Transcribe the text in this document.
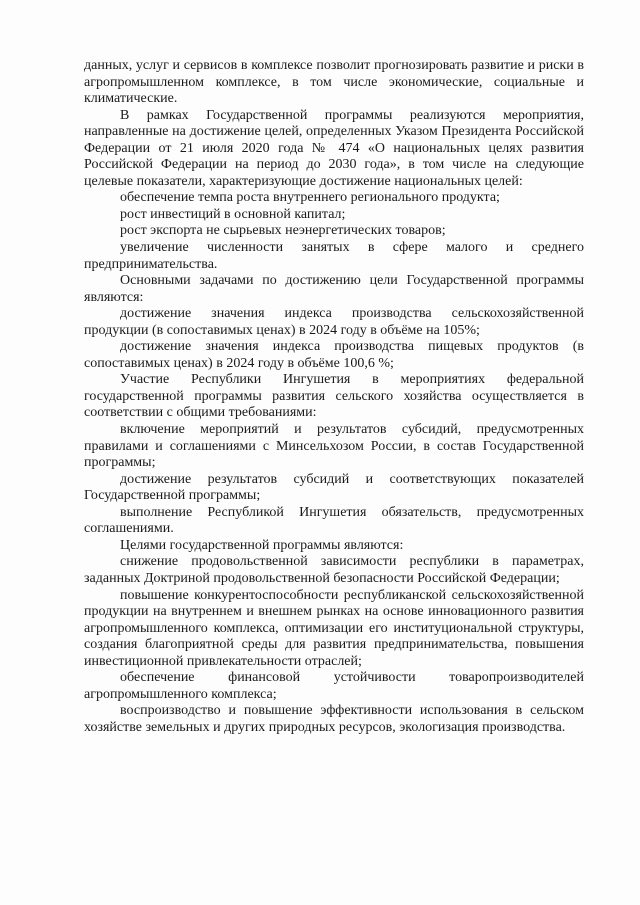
данных, услуг и сервисов в комплексе позволит прогнозировать развитие и риски в агропромышленном комплексе, в том числе экономические, социальные и климатические.

В рамках Государственной программы реализуются мероприятия, направленные на достижение целей, определенных Указом Президента Российской Федерации от 21 июля 2020 года № 474 «О национальных целях развития Российской Федерации на период до 2030 года», в том числе на следующие целевые показатели, характеризующие достижение национальных целей:

обеспечение темпа роста внутреннего регионального продукта;

рост инвестиций в основной капитал;

рост экспорта не сырьевых неэнергетических товаров;

увеличение численности занятых в сфере малого и среднего предпринимательства.

Основными задачами по достижению цели Государственной программы являются:

достижение значения индекса производства сельскохозяйственной продукции (в сопоставимых ценах) в 2024 году в объёме на 105%;

достижение значения индекса производства пищевых продуктов (в сопоставимых ценах) в 2024 году в объёме 100,6 %;

Участие Республики Ингушетия в мероприятиях федеральной государственной программы развития сельского хозяйства осуществляется в соответствии с общими требованиями:

включение мероприятий и результатов субсидий, предусмотренных правилами и соглашениями с Минсельхозом России, в состав Государственной программы;

достижение результатов субсидий и соответствующих показателей Государственной программы;

выполнение Республикой Ингушетия обязательств, предусмотренных соглашениями.

Целями государственной программы являются:

снижение продовольственной зависимости республики в параметрах, заданных Доктриной продовольственной безопасности Российской Федерации;

повышение конкурентоспособности республиканской сельскохозяйственной продукции на внутреннем и внешнем рынках на основе инновационного развития агропромышленного комплекса, оптимизации его институциональной структуры, создания благоприятной среды для развития предпринимательства, повышения инвестиционной привлекательности отраслей;

обеспечение финансовой устойчивости товаропроизводителей агропромышленного комплекса;

воспроизводство и повышение эффективности использования в сельском хозяйстве земельных и других природных ресурсов, экологизация производства.
